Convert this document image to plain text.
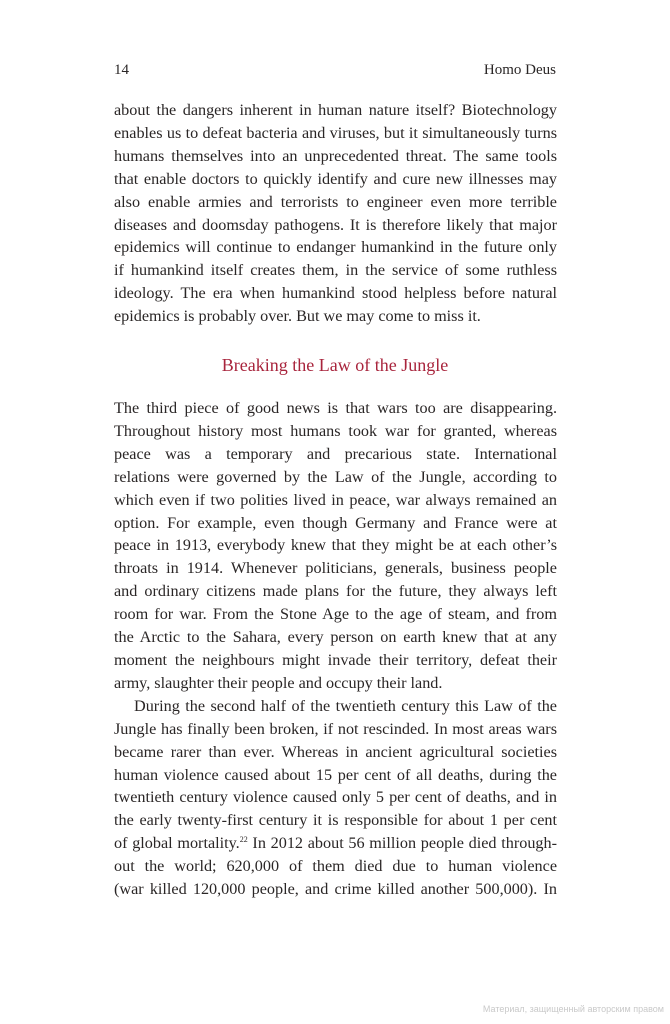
14	Homo Deus

about the dangers inherent in human nature itself? Biotechnology

enables us to defeat bacteria and viruses, but it simultaneously turns

humans themselves into an unprecedented threat. The same tools

that enable doctors to quickly identify and cure new illnesses may

also enable armies and terrorists to engineer even more terrible

diseases and doomsday pathogens. It is therefore likely that major

epidemics will continue to endanger humankind in the future only

if humankind itself creates them, in the service of some ruthless

ideology. The era when humankind stood helpless before natural

epidemics is probably over. But we may come to miss it.

Breaking the Law of the Jungle

The third piece of good news is that wars too are disappearing.

Throughout history most humans took war for granted, whereas

peace was a temporary and precarious state. International

relations were governed by the Law of the Jungle, according to

which even if two polities lived in peace, war always remained an

option. For example, even though Germany and France were at

peace in 1913, everybody knew that they might be at each other’s

throats in 1914. Whenever politicians, generals, business people

and ordinary citizens made plans for the future, they always left

room for war. From the Stone Age to the age of steam, and from

the Arctic to the Sahara, every person on earth knew that at any

moment the neighbours might invade their territory, defeat their

army, slaughter their people and occupy their land.

During the second half of the twentieth century this Law of the

Jungle has finally been broken, if not rescinded. In most areas wars

became rarer than ever. Whereas in ancient agricultural societies

human violence caused about 15 per cent of all deaths, during the

twentieth century violence caused only 5 per cent of deaths, and in

the early twenty-first century it is responsible for about 1 per cent

of global mortality.$^{22}$ In 2012 about 56 million people died through-

out the world; 620,000 of them died due to human violence

(war killed 120,000 people, and crime killed another 500,000). In

Материал, защищенный авторским правом
